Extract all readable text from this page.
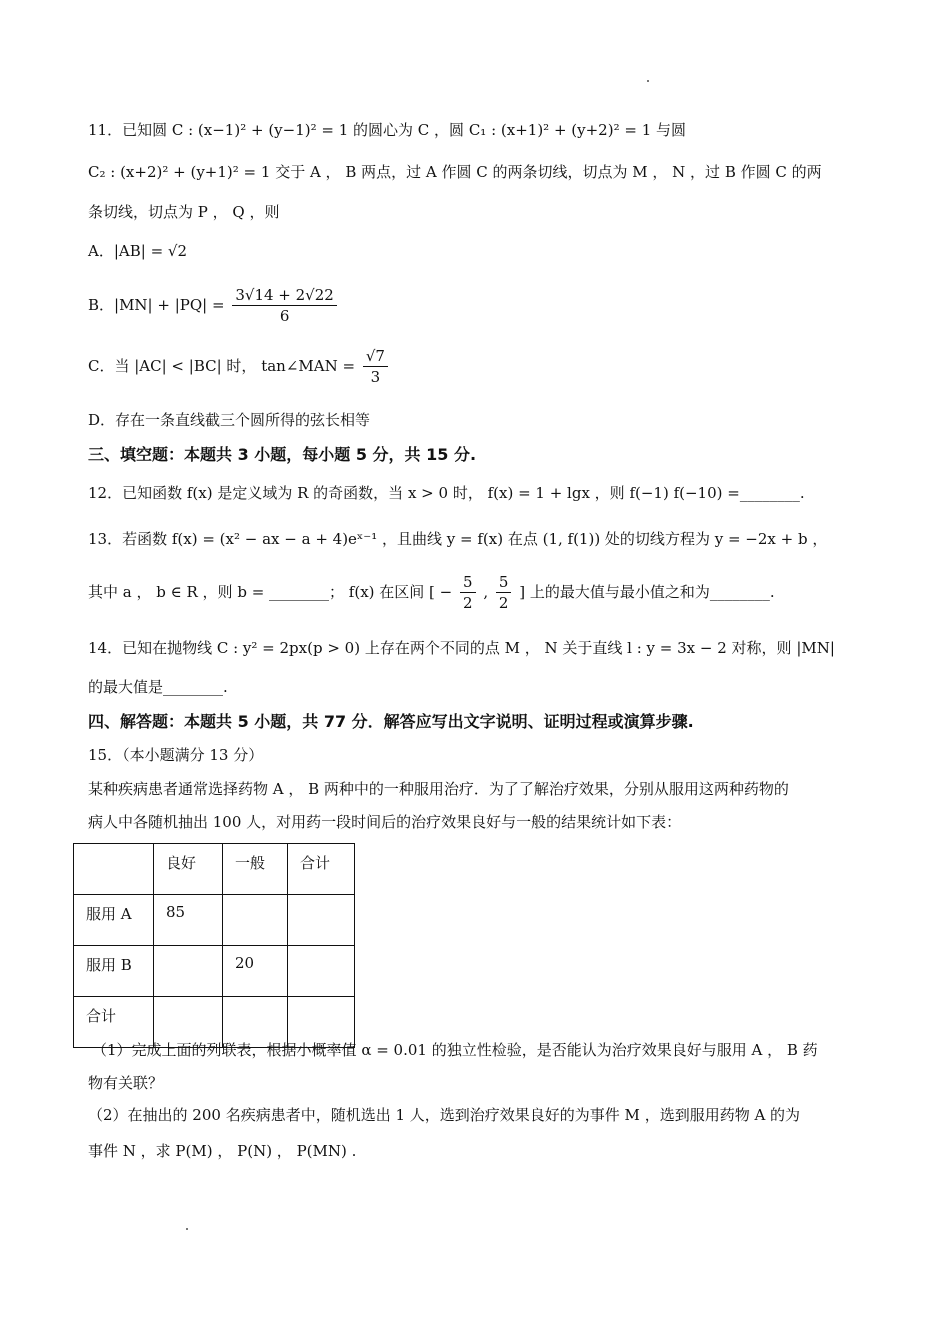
11．已知圆 C : (x−1)² + (y−1)² = 1 的圆心为 C ，圆 C₁ : (x+1)² + (y+2)² = 1 与圆
C₂ : (x+2)² + (y+1)² = 1 交于 A ， B 两点，过 A 作圆 C 的两条切线，切点为 M ， N ，过 B 作圆 C 的两
条切线，切点为 P ， Q ，则
A．|AB| = √2
B．$|MN| + |PQ| = \frac{3√14 + 2√22}{6}$
C．当 |AC| < |BC| 时， tan∠MAN = $\frac{√7}{3}$
D．存在一条直线截三个圆所得的弦长相等
三、填空题：本题共 3 小题，每小题 5 分，共 15 分.
12．已知函数 f(x) 是定义域为 R 的奇函数，当 x > 0 时， f(x) = 1 + lgx ，则 f(−1) f(−10) =________.
13．若函数 f(x) = (x² − ax − a + 4)eˣ⁻¹ ，且曲线 y = f(x) 在点 (1, f(1)) 处的切线方程为 y = −2x + b ，
其中 a ， b ∈ R ，则 b = ________； f(x) 在区间 [ − $\frac{5}{2}$ , $\frac{5}{2}$ ] 上的最大值与最小值之和为________.
14．已知在抛物线 C : y² = 2px(p > 0) 上存在两个不同的点 M ， N 关于直线 l : y = 3x − 2 对称，则 |MN|
的最大值是________.
四、解答题：本题共 5 小题，共 77 分．解答应写出文字说明、证明过程或演算步骤.
15．（本小题满分 13 分）
某种疾病患者通常选择药物 A ， B 两种中的一种服用治疗．为了了解治疗效果，分别从服用这两种药物的
病人中各随机抽出 100 人，对用药一段时间后的治疗效果良好与一般的结果统计如下表：
	良好	一般	合计
服用 A	85		
服用 B		20	
合计			
（1）完成上面的列联表，根据小概率值 α = 0.01 的独立性检验，是否能认为治疗效果良好与服用 A ， B 药
物有关联？
（2）在抽出的 200 名疾病患者中，随机选出 1 人，选到治疗效果良好的为事件 M ，选到服用药物 A 的为
事件 N ，求 P(M) ， P(N) ， P(MN) .
